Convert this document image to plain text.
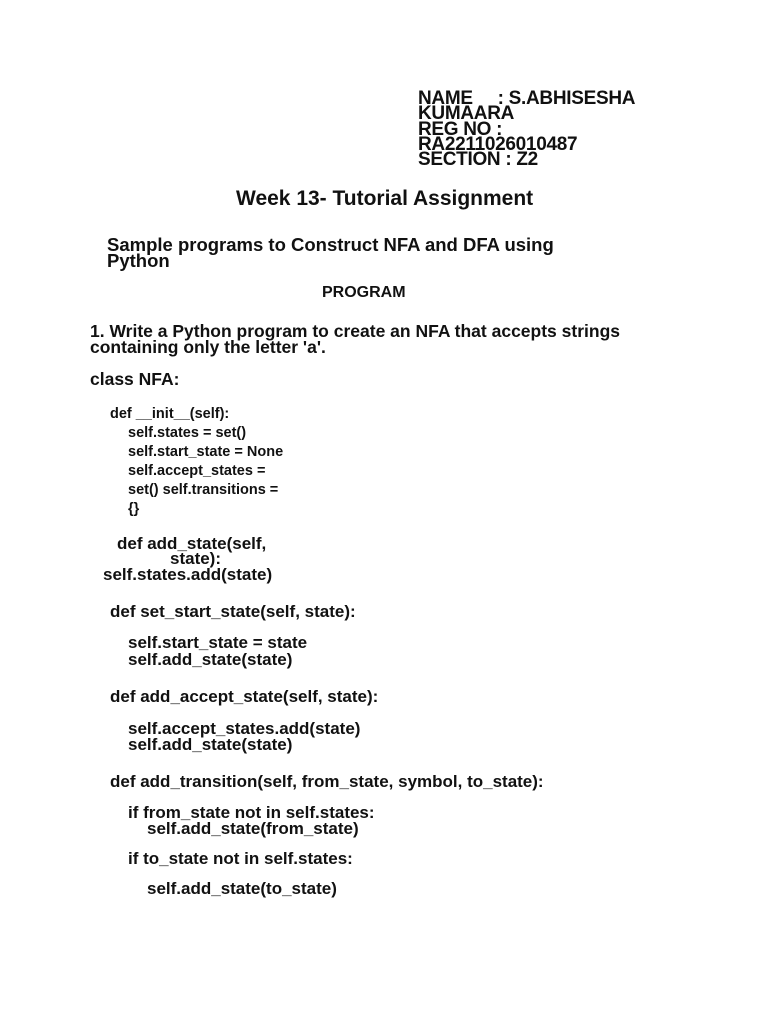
NAME     : S.ABHISESHA
KUMAARA
REG NO :
RA2211026010487
SECTION : Z2
Week 13- Tutorial Assignment
Sample programs to Construct NFA and DFA using
Python
PROGRAM
1. Write a Python program to create an NFA that accepts strings
containing only the letter 'a'.
class NFA:
def __init__(self):
self.states = set()
self.start_state = None
self.accept_states =
set() self.transitions =
{}
def add_state(self,
state):
self.states.add(state)
def set_start_state(self, state):
self.start_state = state
self.add_state(state)
def add_accept_state(self, state):
self.accept_states.add(state)
self.add_state(state)
def add_transition(self, from_state, symbol, to_state):
if from_state not in self.states:
self.add_state(from_state)
if to_state not in self.states:
self.add_state(to_state)
